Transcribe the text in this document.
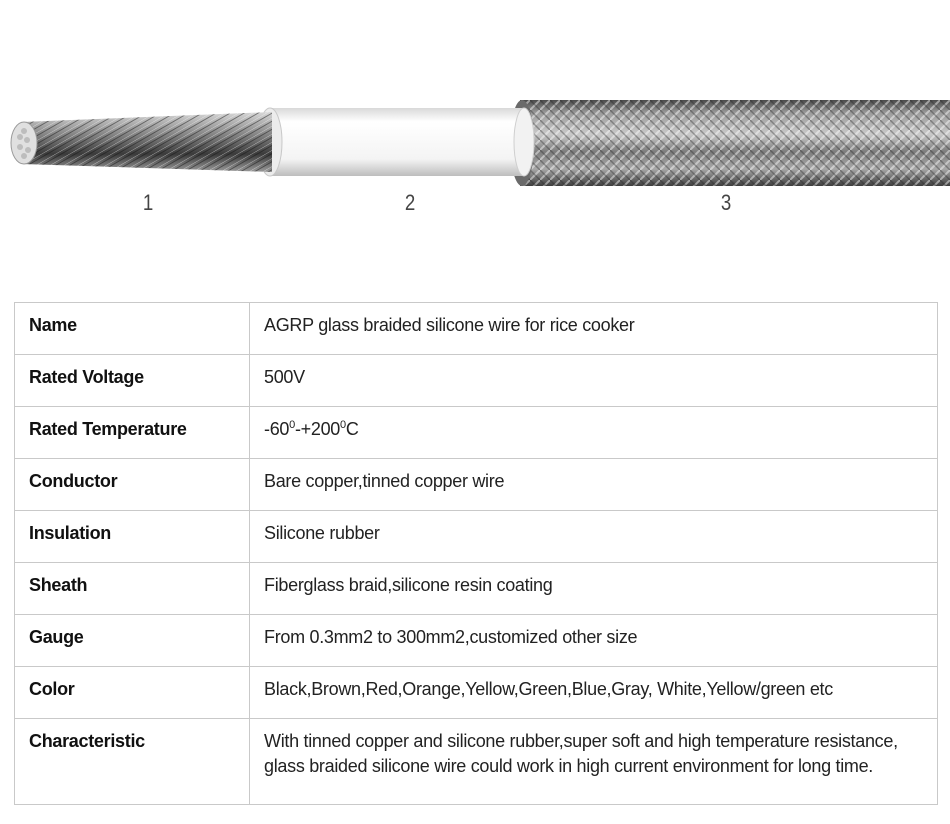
1	2	3
Name	AGRP glass braided silicone wire for rice cooker
Rated Voltage	500V
Rated Temperature	$-60^0-+200^0C$
Conductor	Bare copper,tinned copper wire
Insulation	Silicone rubber
Sheath	Fiberglass braid,silicone resin coating
Gauge	From 0.3mm2 to 300mm2,customized other size
Color	Black,Brown,Red,Orange,Yellow,Green,Blue,Gray, White,Yellow/green etc
Characteristic	With tinned copper and silicone rubber,super soft and high temperature resistance,
glass braided silicone wire could work in high current environment for long time.
